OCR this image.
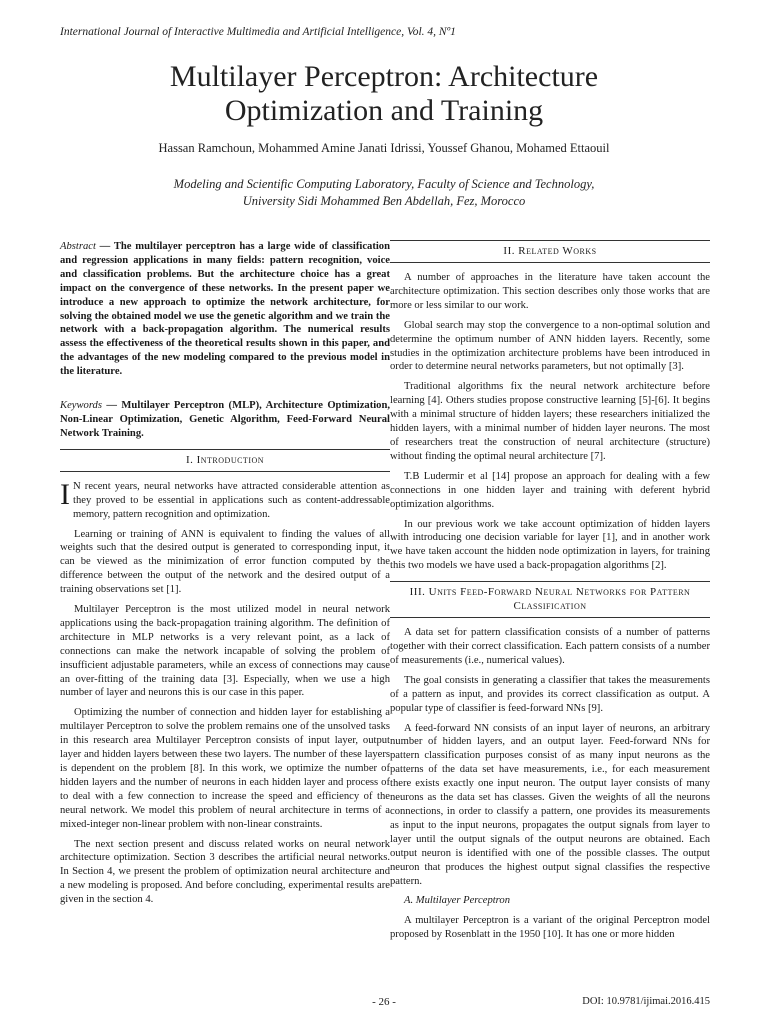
International Journal of Interactive Multimedia and Artificial Intelligence, Vol. 4, Nº1
Multilayer Perceptron: Architecture
Optimization and Training
Hassan Ramchoun, Mohammed Amine Janati Idrissi, Youssef Ghanou, Mohamed Ettaouil
Modeling and Scientific Computing Laboratory, Faculty of Science and Technology,
University Sidi Mohammed Ben Abdellah, Fez, Morocco

Abstract — The multilayer perceptron has a large wide of classification and regression applications in many fields: pattern recognition, voice and classification problems. But the architecture choice has a great impact on the convergence of these networks. In the present paper we introduce a new approach to optimize the network architecture, for solving the obtained model we use the genetic algorithm and we train the network with a back-propagation algorithm. The numerical results assess the effectiveness of the theoretical results shown in this paper, and the advantages of the new modeling compared to the previous model in the literature.

Keywords — Multilayer Perceptron (MLP), Architecture Optimization, Non-Linear Optimization, Genetic Algorithm, Feed-Forward Neural Network Training.

I. Introduction

I N recent years, neural networks have attracted considerable attention as they proved to be essential in applications such as content-addressable memory, pattern recognition and optimization.

Learning or training of ANN is equivalent to finding the values of all weights such that the desired output is generated to corresponding input, it can be viewed as the minimization of error function computed by the difference between the output of the network and the desired output of a training observations set [1].

Multilayer Perceptron is the most utilized model in neural network applications using the back-propagation training algorithm. The definition of architecture in MLP networks is a very relevant point, as a lack of connections can make the network incapable of solving the problem of insufficient adjustable parameters, while an excess of connections may cause an over-fitting of the training data [3]. Especially, when we use a high number of layer and neurons this is our case in this paper.

Optimizing the number of connection and hidden layer for establishing a multilayer Perceptron to solve the problem remains one of the unsolved tasks in this research area Multilayer Perceptron consists of input layer, output layer and hidden layers between these two layers. The number of these layers is dependent on the problem [8]. In this work, we optimize the number of hidden layers and the number of neurons in each hidden layer and process of to deal with a few connection to increase the speed and efficiency of the neural network. We model this problem of neural architecture in terms of a mixed-integer non-linear problem with non-linear constraints.

The next section present and discuss related works on neural network architecture optimization. Section 3 describes the artificial neural networks. In Section 4, we present the problem of optimization neural architecture and a new modeling is proposed. And before concluding, experimental results are given in the section 4.

II. Related Works

A number of approaches in the literature have taken account the architecture optimization. This section describes only those works that are more or less similar to our work.

Global search may stop the convergence to a non-optimal solution and determine the optimum number of ANN hidden layers. Recently, some studies in the optimization architecture problems have been introduced in order to determine neural networks parameters, but not optimally [3].

Traditional algorithms fix the neural network architecture before learning [4]. Others studies propose constructive learning [5]-[6]. It begins with a minimal structure of hidden layers; these researchers initialized the hidden layers, with a minimal number of hidden layer neurons. The most of researchers treat the construction of neural architecture (structure) without finding the optimal neural architecture [7].

T.B Ludermir et al [14] propose an approach for dealing with a few connections in one hidden layer and training with deferent hybrid optimization algorithms.

In our previous work we take account optimization of hidden layers with introducing one decision variable for layer [1], and in another work we have taken account the hidden node optimization in layers, for training this two models we have used a back-propagation algorithms [2].

III. Units Feed-Forward Neural Networks for Pattern
Classification

A data set for pattern classification consists of a number of patterns together with their correct classification. Each pattern consists of a number of measurements (i.e., numerical values).

The goal consists in generating a classifier that takes the measurements of a pattern as input, and provides its correct classification as output. A popular type of classifier is feed-forward NNs [9].

A feed-forward NN consists of an input layer of neurons, an arbitrary number of hidden layers, and an output layer. Feed-forward NNs for pattern classification purposes consist of as many input neurons as the patterns of the data set have measurements, i.e., for each measurement there exists exactly one input neuron. The output layer consists of many neurons as the data set has classes. Given the weights of all the neurons connections, in order to classify a pattern, one provides its measurements as input to the input neurons, propagates the output signals from layer to layer until the output signals of the output neurons are obtained. Each output neuron is identified with one of the possible classes. The output neuron that produces the highest output signal classifies the respective pattern.

A. Multilayer Perceptron

A multilayer Perceptron is a variant of the original Perceptron model proposed by Rosenblatt in the 1950 [10]. It has one or more hidden

- 26 -	DOI: 10.9781/ijimai.2016.415
